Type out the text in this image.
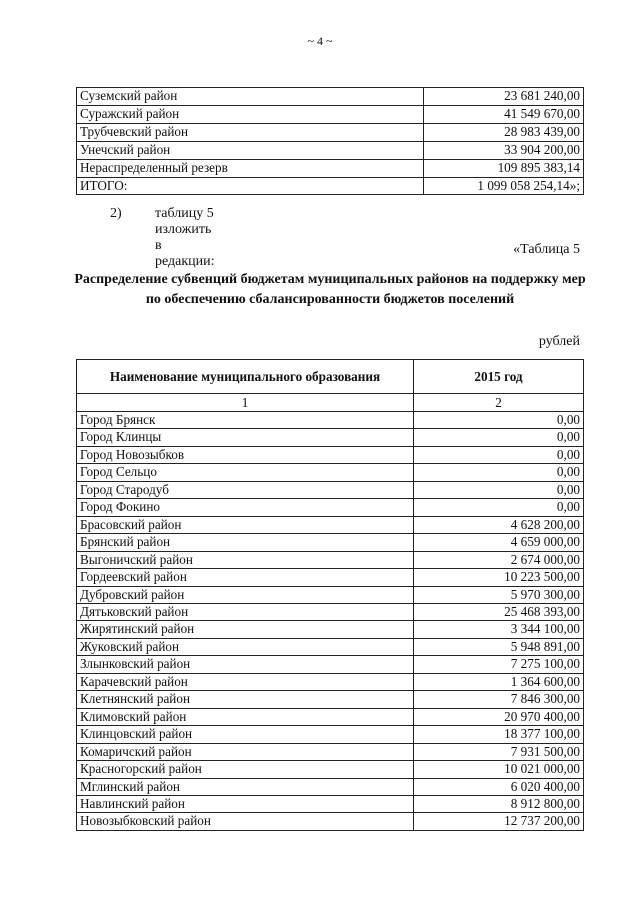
~ 4 ~
Суземский район	23 681 240,00
Суражский район	41 549 670,00
Трубчевский район	28 983 439,00
Унечский район	33 904 200,00
Нераспределенный резерв	109 895 383,14
ИТОГО:	1 099 058 254,14»;
2) таблицу 5 изложить в редакции:
«Таблица 5
Распределение субвенций бюджетам муниципальных районов на поддержку мер по обеспечению сбалансированности бюджетов поселений
рублей
Наименование муниципального образования	2015 год
1	2
Город Брянск	0,00
Город Клинцы	0,00
Город Новозыбков	0,00
Город Сельцо	0,00
Город Стародуб	0,00
Город Фокино	0,00
Брасовский район	4 628 200,00
Брянский район	4 659 000,00
Выгоничский район	2 674 000,00
Гордеевский район	10 223 500,00
Дубровский район	5 970 300,00
Дятьковский район	25 468 393,00
Жирятинский район	3 344 100,00
Жуковский район	5 948 891,00
Злынковский район	7 275 100,00
Карачевский район	1 364 600,00
Клетнянский район	7 846 300,00
Климовский район	20 970 400,00
Клинцовский район	18 377 100,00
Комаричский район	7 931 500,00
Красногорский район	10 021 000,00
Мглинский район	6 020 400,00
Навлинский район	8 912 800,00
Новозыбковский район	12 737 200,00
